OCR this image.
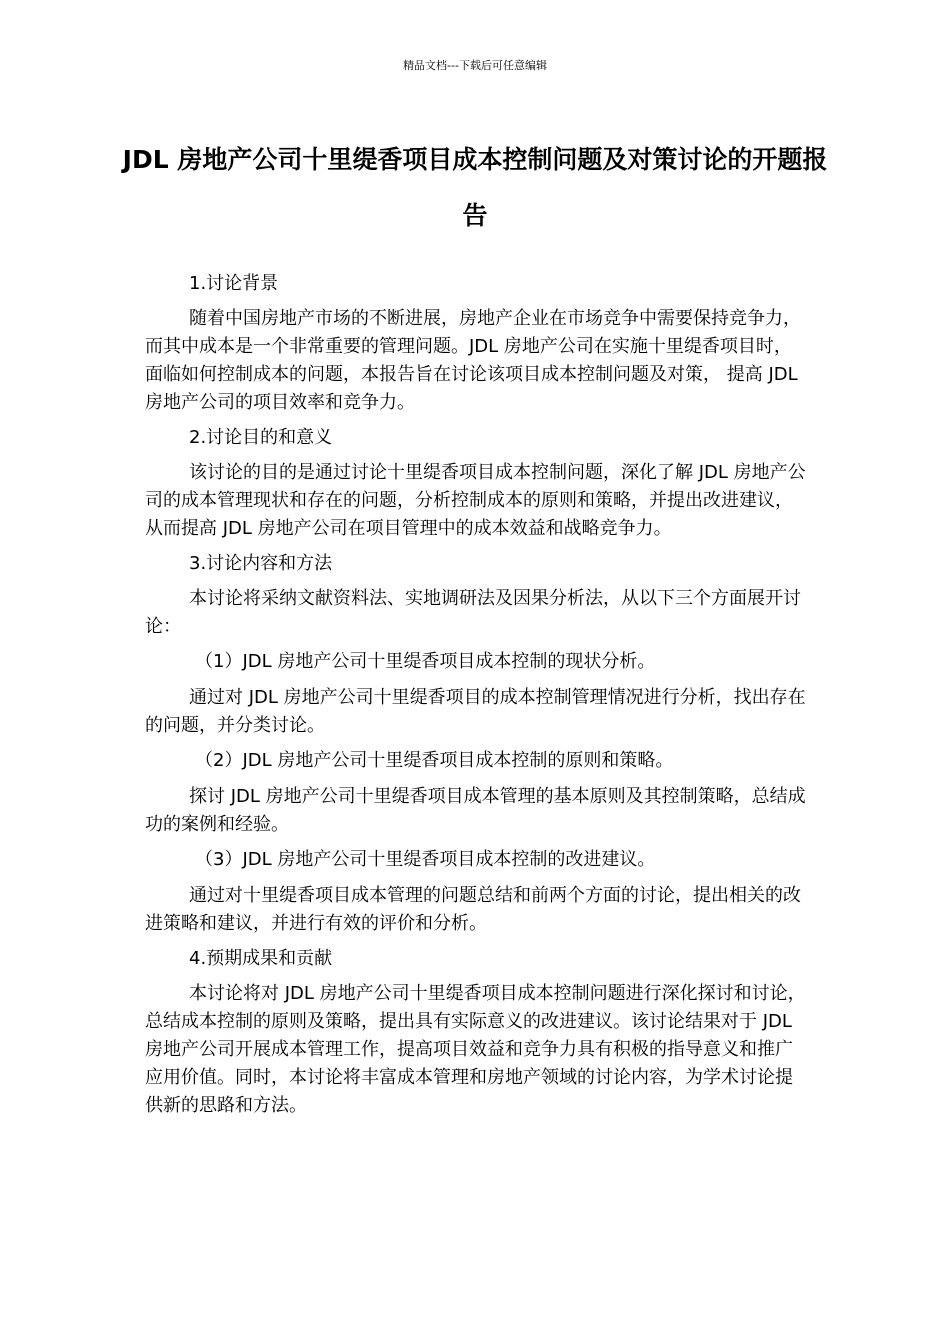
精品文档---下载后可任意编辑
JDL 房地产公司十里缇香项目成本控制问题及对策讨论的开题报告

1.讨论背景

随着中国房地产市场的不断进展，房地产企业在市场竞争中需要保持竞争力，而其中成本是一个非常重要的管理问题。JDL 房地产公司在实施十里缇香项目时，面临如何控制成本的问题，本报告旨在讨论该项目成本控制问题及对策， 提高 JDL 房地产公司的项目效率和竞争力。

2.讨论目的和意义

该讨论的目的是通过讨论十里缇香项目成本控制问题，深化了解 JDL 房地产公司的成本管理现状和存在的问题，分析控制成本的原则和策略，并提出改进建议，从而提高 JDL 房地产公司在项目管理中的成本效益和战略竞争力。

3.讨论内容和方法

本讨论将采纳文献资料法、实地调研法及因果分析法，从以下三个方面展开讨论：

（1）JDL 房地产公司十里缇香项目成本控制的现状分析。

通过对 JDL 房地产公司十里缇香项目的成本控制管理情况进行分析，找出存在的问题，并分类讨论。

（2）JDL 房地产公司十里缇香项目成本控制的原则和策略。

探讨 JDL 房地产公司十里缇香项目成本管理的基本原则及其控制策略，总结成功的案例和经验。

（3）JDL 房地产公司十里缇香项目成本控制的改进建议。

通过对十里缇香项目成本管理的问题总结和前两个方面的讨论，提出相关的改进策略和建议，并进行有效的评价和分析。

4.预期成果和贡献

本讨论将对 JDL 房地产公司十里缇香项目成本控制问题进行深化探讨和讨论，总结成本控制的原则及策略，提出具有实际意义的改进建议。该讨论结果对于 JDL 房地产公司开展成本管理工作，提高项目效益和竞争力具有积极的指导意义和推广应用价值。同时，本讨论将丰富成本管理和房地产领域的讨论内容，为学术讨论提供新的思路和方法。
